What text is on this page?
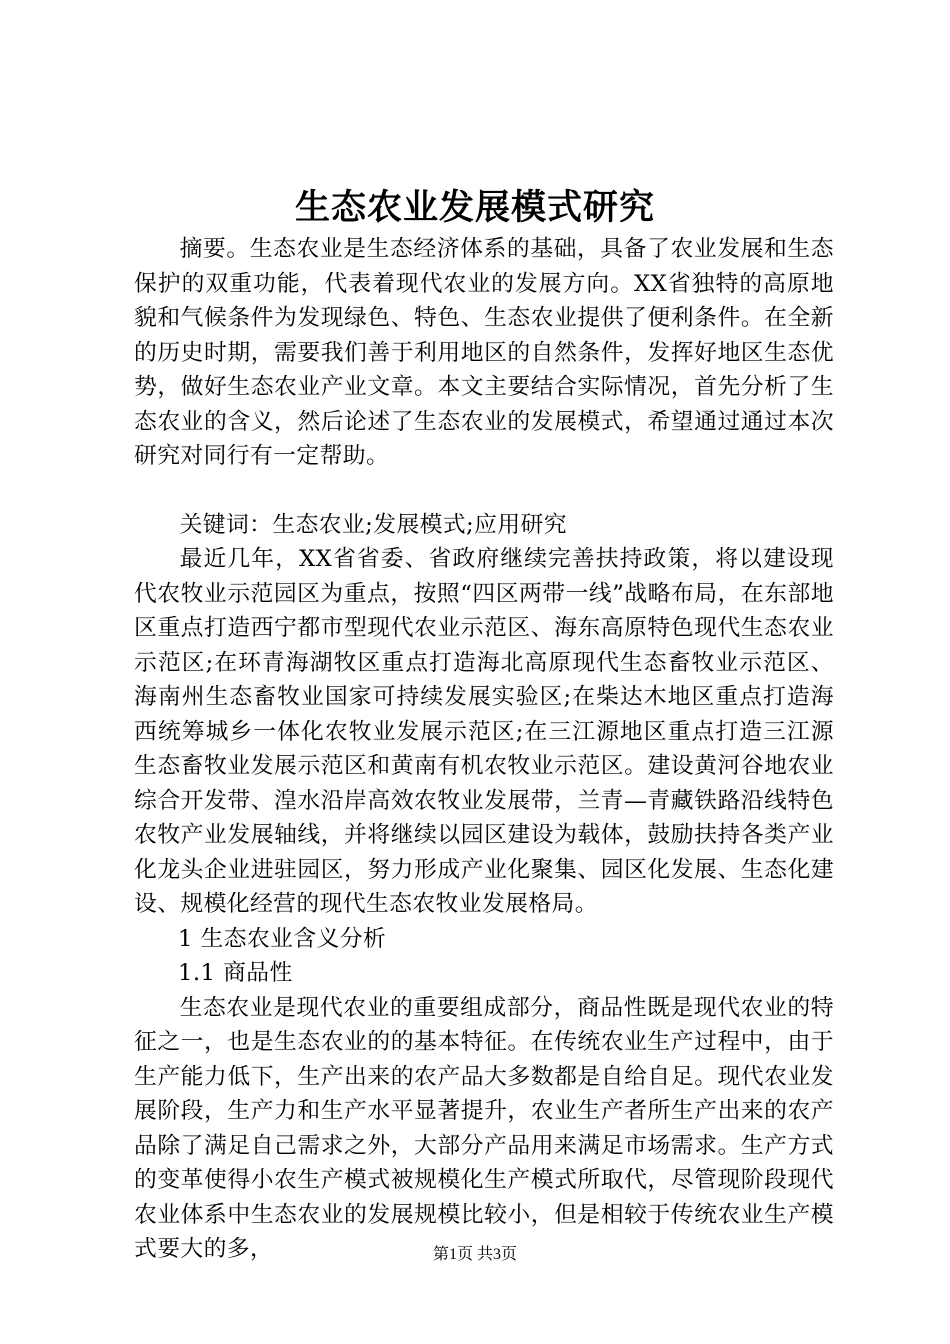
生态农业发展模式研究

摘要。生态农业是生态经济体系的基础，具备了农业发展和生态保护的双重功能，代表着现代农业的发展方向。XX省独特的高原地貌和气候条件为发现绿色、特色、生态农业提供了便利条件。在全新的历史时期，需要我们善于利用地区的自然条件，发挥好地区生态优势，做好生态农业产业文章。本文主要结合实际情况，首先分析了生态农业的含义，然后论述了生态农业的发展模式，希望通过通过本次研究对同行有一定帮助。

关键词：生态农业;发展模式;应用研究

最近几年，XX省省委、省政府继续完善扶持政策，将以建设现代农牧业示范园区为重点，按照“四区两带一线”战略布局，在东部地区重点打造西宁都市型现代农业示范区、海东高原特色现代生态农业示范区;在环青海湖牧区重点打造海北高原现代生态畜牧业示范区、海南州生态畜牧业国家可持续发展实验区;在柴达木地区重点打造海西统筹城乡一体化农牧业发展示范区;在三江源地区重点打造三江源生态畜牧业发展示范区和黄南有机农牧业示范区。建设黄河谷地农业综合开发带、湟水沿岸高效农牧业发展带，兰青—青藏铁路沿线特色农牧产业发展轴线，并将继续以园区建设为载体，鼓励扶持各类产业化龙头企业进驻园区，努力形成产业化聚集、园区化发展、生态化建设、规模化经营的现代生态农牧业发展格局。

1 生态农业含义分析

1.1 商品性

生态农业是现代农业的重要组成部分，商品性既是现代农业的特征之一，也是生态农业的的基本特征。在传统农业生产过程中，由于生产能力低下，生产出来的农产品大多数都是自给自足。现代农业发展阶段，生产力和生产水平显著提升，农业生产者所生产出来的农产品除了满足自己需求之外，大部分产品用来满足市场需求。生产方式的变革使得小农生产模式被规模化生产模式所取代，尽管现阶段现代农业体系中生态农业的发展规模比较小，但是相较于传统农业生产模式要大的多，	第1页 共3页
